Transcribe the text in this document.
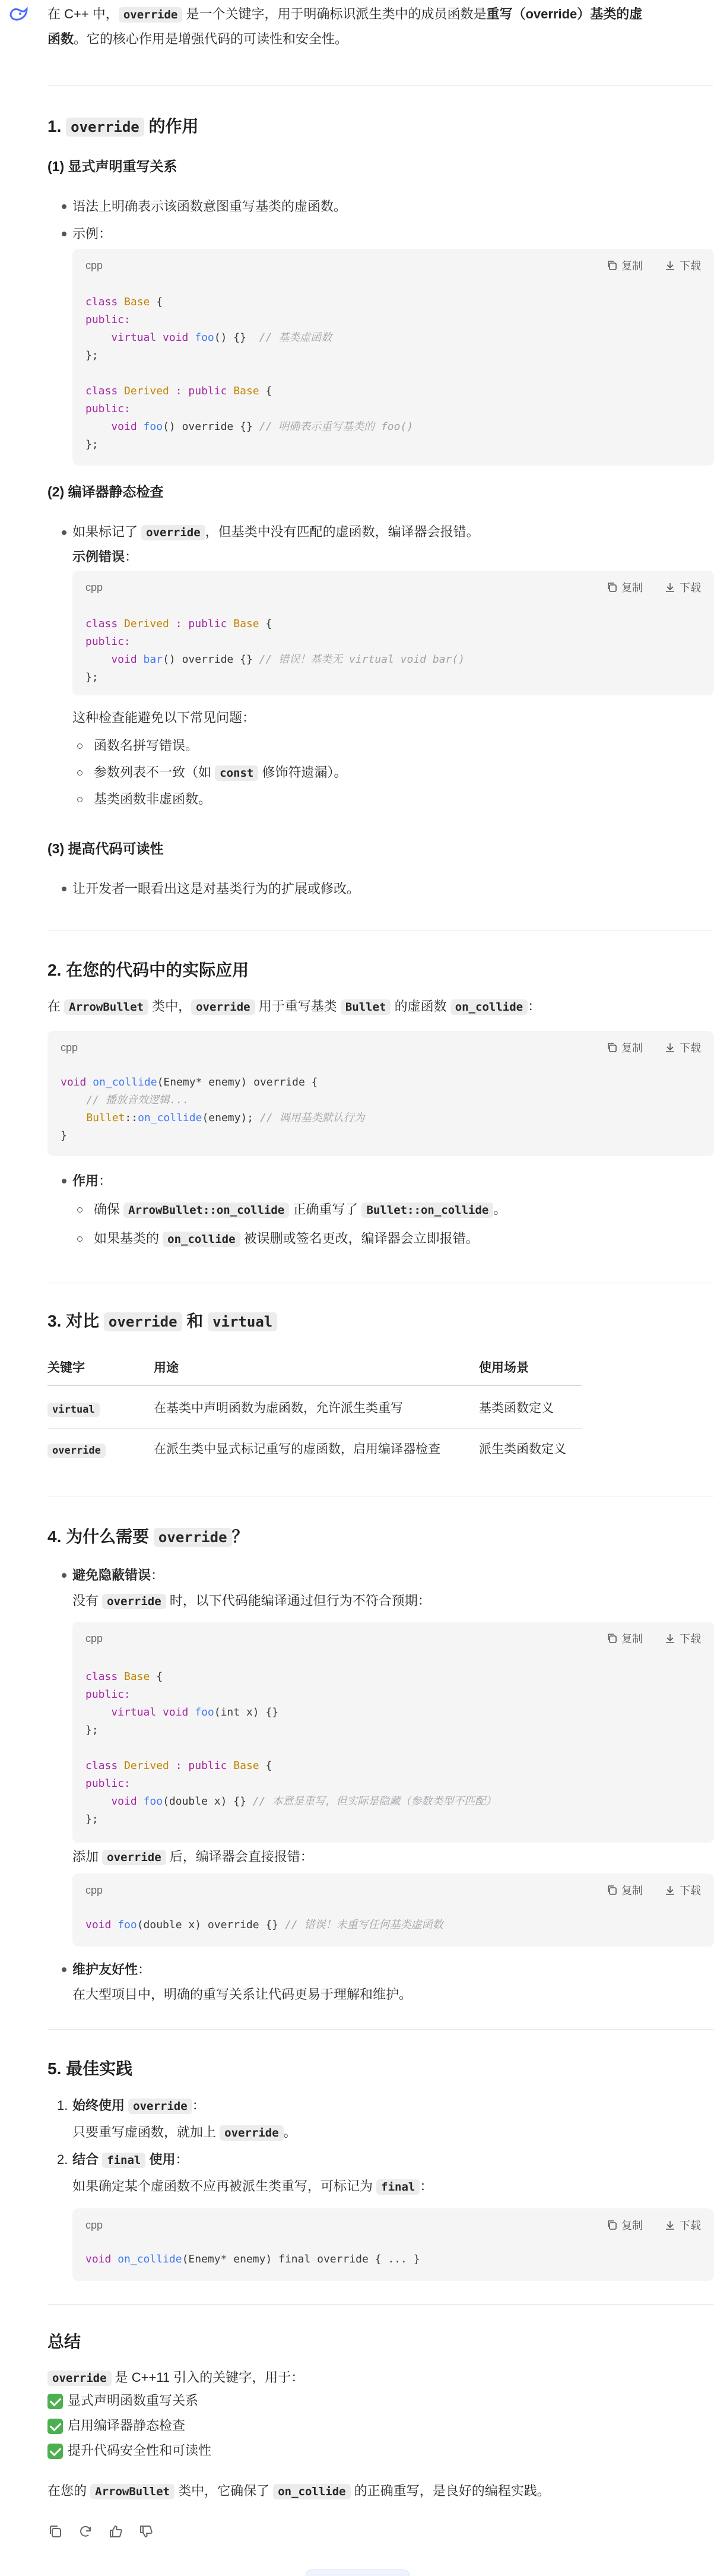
在 C++ 中， override 是一个关键字，用于明确标识派生类中的成员函数是重写（override）基类的虚
函数。它的核心作用是增强代码的可读性和安全性。
1. override 的作用
(1) 显式声明重写关系
语法上明确表示该函数意图重写基类的虚函数。
示例：
cpp	复制	下载
class Base {
public:
virtual void foo() {}  // 基类虚函数
};

class Derived : public Base {
public:
void foo() override {} // 明确表示重写基类的 foo()
};
(2) 编译器静态检查
如果标记了 override ，但基类中没有匹配的虚函数，编译器会报错。
示例错误：
cpp	复制	下载
class Derived : public Base {
public:
void bar() override {} // 错误！基类无 virtual void bar()
};
这种检查能避免以下常见问题：
函数名拼写错误。
参数列表不一致（如 const 修饰符遗漏）。
基类函数非虚函数。
(3) 提高代码可读性
让开发者一眼看出这是对基类行为的扩展或修改。
2. 在您的代码中的实际应用
在 ArrowBullet 类中， override 用于重写基类 Bullet 的虚函数 on_collide ：
cpp	复制	下载
void on_collide(Enemy* enemy) override {
// 播放音效逻辑...
Bullet::on_collide(enemy); // 调用基类默认行为
}
作用：
确保 ArrowBullet::on_collide 正确重写了 Bullet::on_collide 。
如果基类的 on_collide 被误删或签名更改，编译器会立即报错。
3. 对比 override 和 virtual
关键字	用途	使用场景
virtual	在基类中声明函数为虚函数，允许派生类重写	基类函数定义
override	在派生类中显式标记重写的虚函数，启用编译器检查	派生类函数定义
4. 为什么需要 override ？
避免隐蔽错误：
没有 override 时，以下代码能编译通过但行为不符合预期：
cpp	复制	下载
class Base {
public:
virtual void foo(int x) {}
};

class Derived : public Base {
public:
void foo(double x) {} // 本意是重写，但实际是隐藏（参数类型不匹配）
};
添加 override 后，编译器会直接报错：
cpp	复制	下载
void foo(double x) override {} // 错误！未重写任何基类虚函数
维护友好性：
在大型项目中，明确的重写关系让代码更易于理解和维护。
5. 最佳实践
1. 始终使用 override ：
只要重写虚函数，就加上 override 。
2. 结合 final 使用：
如果确定某个虚函数不应再被派生类重写，可标记为 final ：
cpp	复制	下载
void on_collide(Enemy* enemy) final override { ... }
总结
override 是 C++11 引入的关键字，用于：
显式声明函数重写关系
启用编译器静态检查
提升代码安全性和可读性
在您的 ArrowBullet 类中，它确保了 on_collide 的正确重写，是良好的编程实践。
